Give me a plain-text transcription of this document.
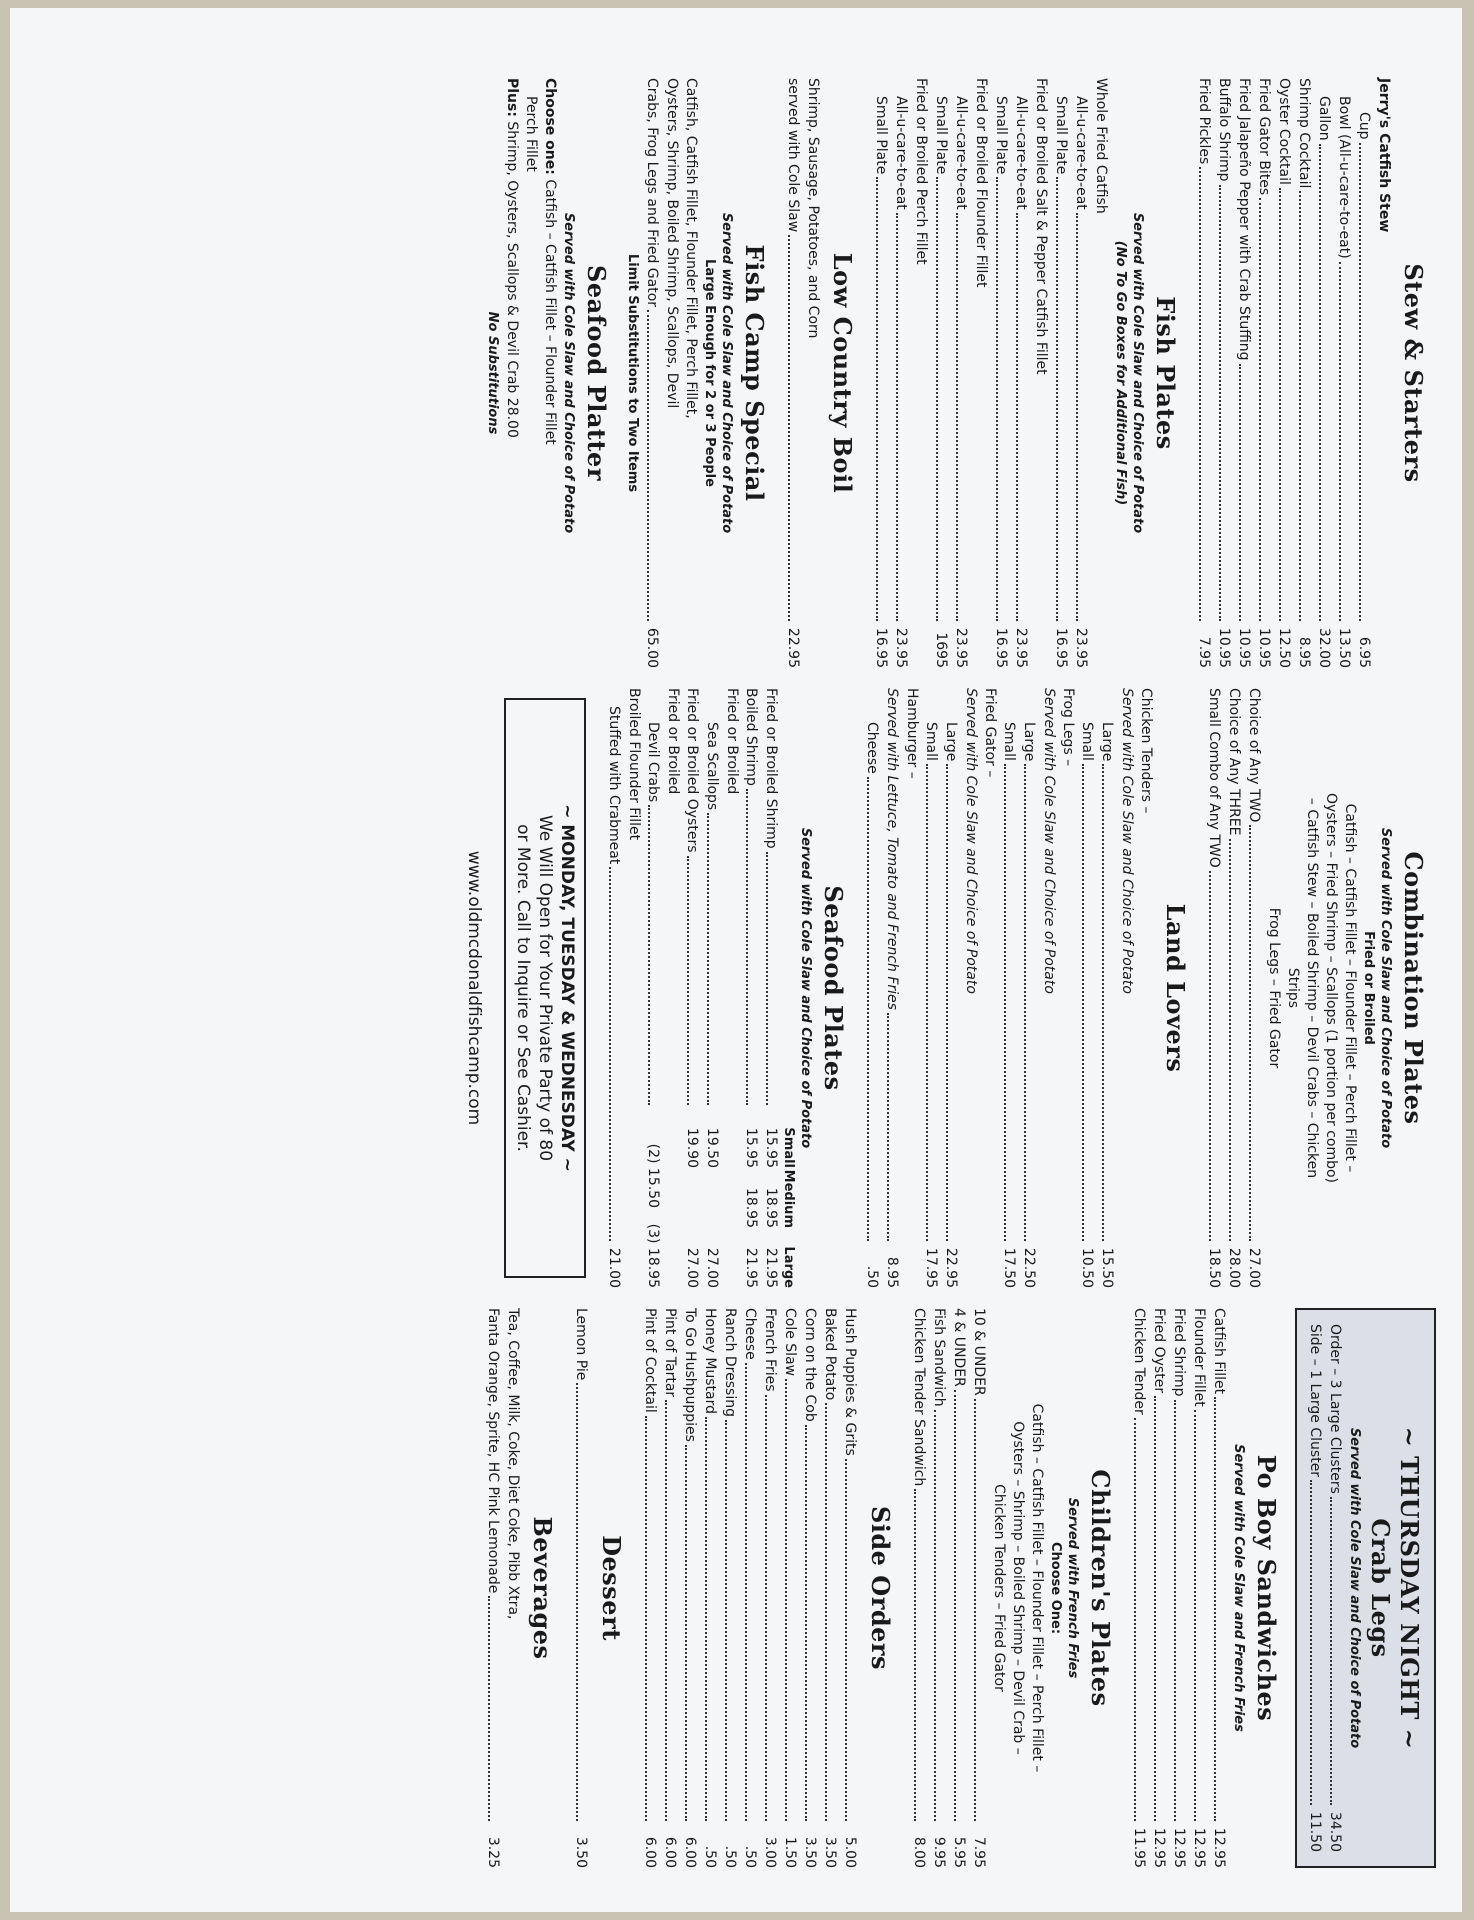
Stew & Starters
Jerry's Catfish Stew
Cup
6.95
Bowl (All-u-care-to-eat)
13.50
Gallon
32.00
Shrimp Cocktail
8.95
Oyster Cocktail
12.50
Fried Gator Bites
10.95
Fried Jalapeño Pepper with Crab Stuffing
10.95
Buffalo Shrimp
10.95
Fried Pickles
7.95
Fish Plates
Served with Cole Slaw and Choice of Potato
(No To Go Boxes for Additional Fish)
Whole Fried Catfish
All-u-care-to-eat
23.95
Small Plate
16.95
Fried or Broiled Salt & Pepper Catfish Fillet
All-u-care-to-eat
23.95
Small Plate
16.95
Fried or Broiled Flounder Fillet
All-u-care-to-eat
23.95
Small Plate
1695
Fried or Broiled Perch Fillet
All-u-care-to-eat
23.95
Small Plate
16.95
Low Country Boil
Shrimp, Sausage, Potatoes, and Corn
served with Cole Slaw
22.95
Fish Camp Special
Served with Cole Slaw and Choice of Potato
Large Enough for 2 or 3 People
Catfish, Catfish Fillet, Flounder Fillet, Perch Fillet,
Oysters, Shrimp, Boiled Shrimp, Scallops, Devil
Crabs, Frog Legs and Fried Gator
65.00
Limit Substitutions to Two Items
Seafood Platter
Served with Cole Slaw and Choice of Potato
Choose one: Catfish – Catfish Fillet – Flounder Fillet
Perch Fillet
Plus: Shrimp, Oysters, Scallops & Devil Crab 28.00
No Substitutions
Combination Plates
Served with Cole Slaw and Choice of Potato
Fried or Broiled
Catfish – Catfish Fillet – Flounder Fillet – Perch Fillet –
Oysters – Fried Shrimp – Scallops (1 portion per combo)
– Catfish Stew – Boiled Shrimp – Devil Crabs – Chicken
Strips
Frog Legs – Fried Gator
Choice of Any TWO
27.00
Choice of Any THREE
28.00
Small Combo of Any TWO
18.50
Land Lovers
Chicken Tenders –
Served with Cole Slaw and Choice of Potato
Large
15.50
Small
10.50
Frog Legs –
Served with Cole Slaw and Choice of Potato
Large
22.50
Small
17.50
Fried Gator –
Served with Cole Slaw and Choice of Potato
Large
22.95
Small
17.95
Hamburger –
Served with Lettuce, Tomato and French Fries
8.95
Cheese
.50
Seafood Plates
Served with Cole Slaw and Choice of Potato
Small
Medium
Large
Fried or Broiled Shrimp
15.95
18.95
21.95
Boiled Shrimp
15.95
18.95
21.95
Fried or Broiled
Sea Scallops
19.50
27.00
Fried or Broiled Oysters
19.90
27.00
Fried or Broiled
Devil Crabs
(2) 15.50
(3) 18.95
Broiled Flounder Fillet
Stuffed with Crabmeat
21.00
~ MONDAY, TUESDAY & WEDNESDAY ~
We Will Open for Your Private Party of 80
or More. Call to Inquire or See Cashier.
www.oldmcdonaldfishcamp.com
~ THURSDAY NIGHT ~
Crab Legs
Served with Cole Slaw and Choice of Potato
Order – 3 Large Clusters
34.50
Side – 1 Large Cluster
11.50
Po Boy Sandwiches
Served with Cole Slaw and French Fries
Catfish Fillet
12.95
Flounder Fillet
12.95
Fried Shrimp
12.95
Fried Oyster
12.95
Chicken Tender
11.95
Children's Plates
Served with French Fries
Choose One:
Catfish – Catfish Fillet – Flounder Fillet – Perch Fillet –
Oysters – Shrimp – Boiled Shrimp – Devil Crab –
Chicken Tenders – Fried Gator
10 & UNDER
7.95
4 & UNDER
5.95
Fish Sandwich
9.95
Chicken Tender Sandwich
8.00
Side Orders
Hush Puppies & Grits
5.00
Baked Potato
3.50
Corn on the Cob
3.50
Cole Slaw
1.50
French Fries
3.00
Cheese
.50
Ranch Dressing
.50
Honey Mustard
.50
To Go Hushpuppies
6.00
Pint of Tartar
6.00
Pint of Cocktail
6.00
Dessert
Lemon Pie
3.50
Beverages
Tea, Coffee, Milk, Coke, Diet Coke, Pibb Xtra,
Fanta Orange, Sprite, HC Pink Lemonade
3.25
